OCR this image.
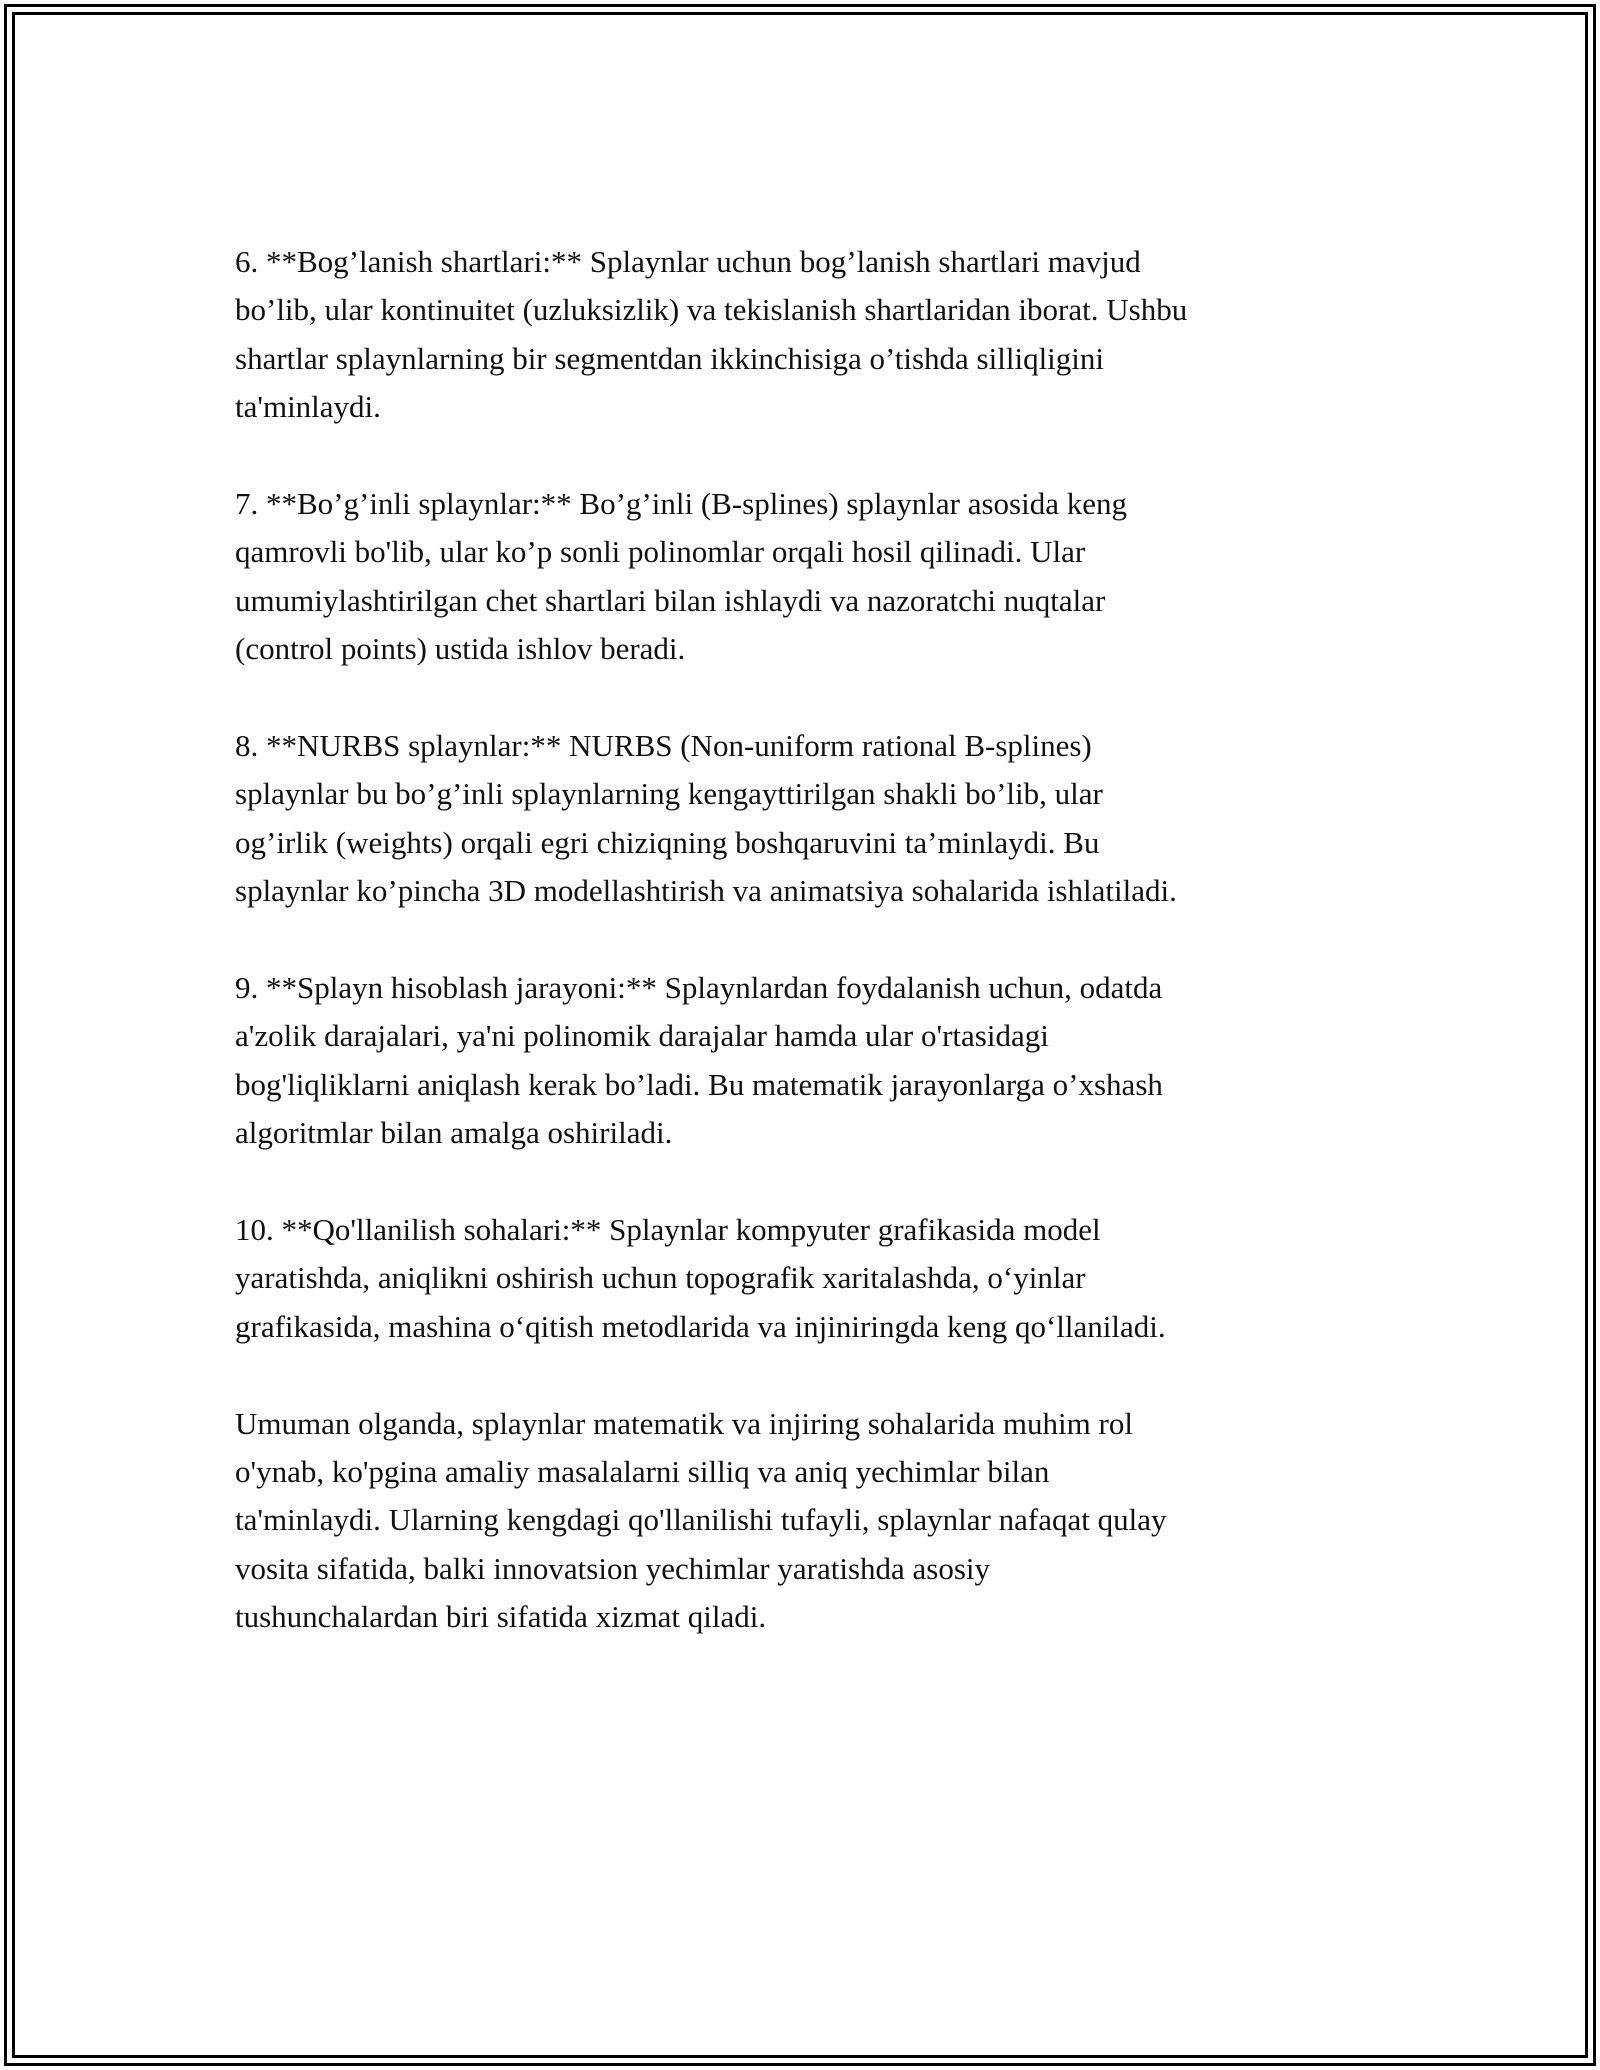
6. **Bog’lanish shartlari:** Splaynlar uchun bog’lanish shartlari mavjud
bo’lib, ular kontinuitet (uzluksizlik) va tekislanish shartlaridan iborat. Ushbu
shartlar splaynlarning bir segmentdan ikkinchisiga o’tishda silliqligini
ta'minlaydi.

7. **Bo’g’inli splaynlar:** Bo’g’inli (B-splines) splaynlar asosida keng
qamrovli bo'lib, ular ko’p sonli polinomlar orqali hosil qilinadi. Ular
umumiylashtirilgan chet shartlari bilan ishlaydi va nazoratchi nuqtalar
(control points) ustida ishlov beradi.

8. **NURBS splaynlar:** NURBS (Non-uniform rational B-splines)
splaynlar bu bo’g’inli splaynlarning kengayttirilgan shakli bo’lib, ular
og’irlik (weights) orqali egri chiziqning boshqaruvini ta’minlaydi. Bu
splaynlar ko’pincha 3D modellashtirish va animatsiya sohalarida ishlatiladi.

9. **Splayn hisoblash jarayoni:** Splaynlardan foydalanish uchun, odatda
a'zolik darajalari, ya'ni polinomik darajalar hamda ular o'rtasidagi
bog'liqliklarni aniqlash kerak bo’ladi. Bu matematik jarayonlarga o’xshash
algoritmlar bilan amalga oshiriladi.

10. **Qo'llanilish sohalari:** Splaynlar kompyuter grafikasida model
yaratishda, aniqlikni oshirish uchun topografik xaritalashda, o‘yinlar
grafikasida, mashina o‘qitish metodlarida va injiniringda keng qo‘llaniladi.

Umuman olganda, splaynlar matematik va injiring sohalarida muhim rol
o'ynab, ko'pgina amaliy masalalarni silliq va aniq yechimlar bilan
ta'minlaydi. Ularning kengdagi qo'llanilishi tufayli, splaynlar nafaqat qulay
vosita sifatida, balki innovatsion yechimlar yaratishda asosiy
tushunchalardan biri sifatida xizmat qiladi.
